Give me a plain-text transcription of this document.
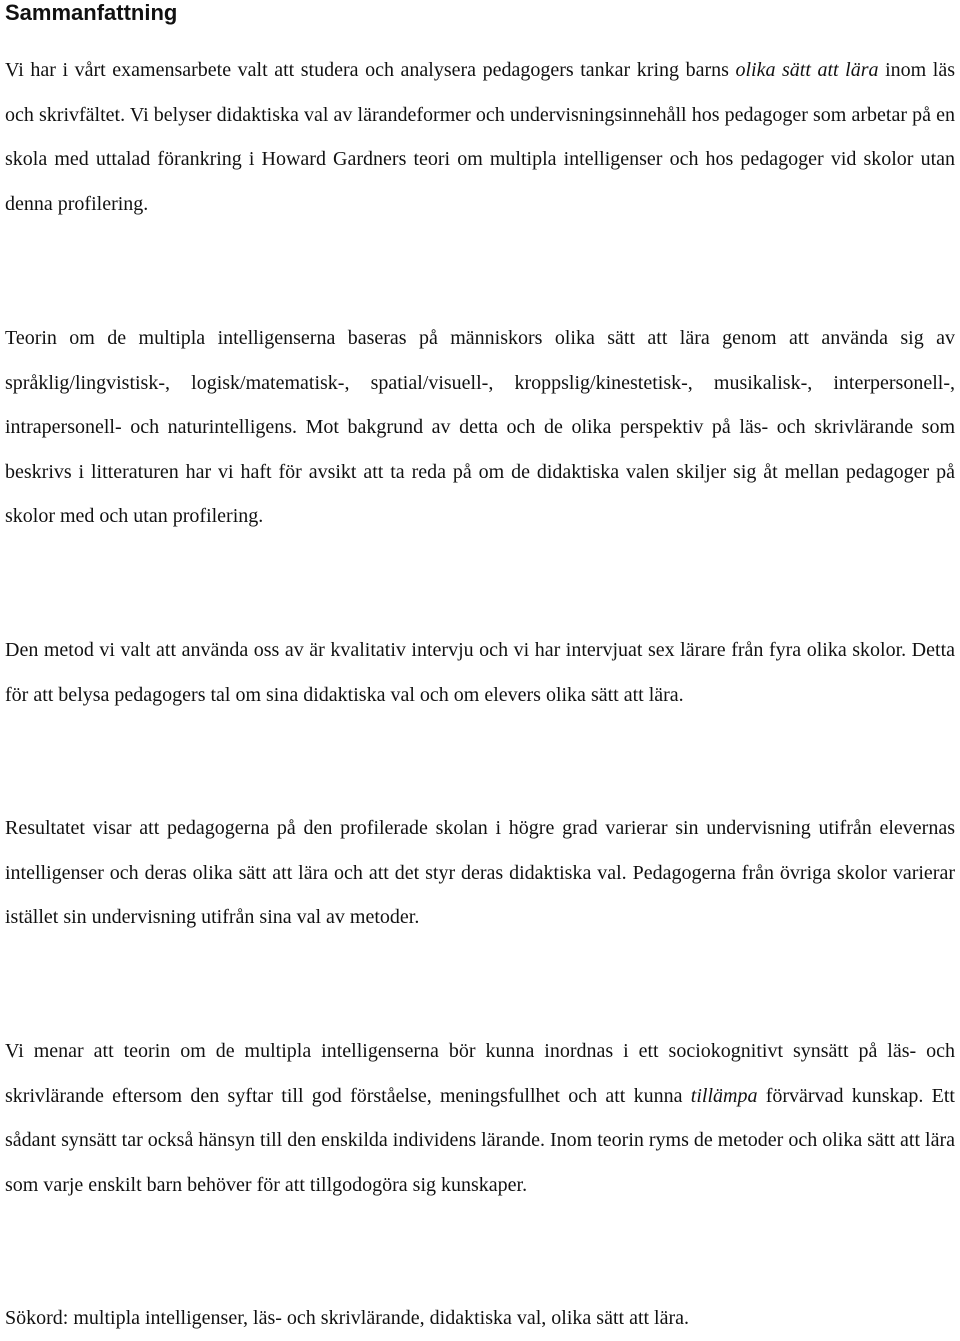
Sammanfattning

Vi har i vårt examensarbete valt att studera och analysera pedagogers tankar kring barns olika sätt att lära inom läs och skrivfältet. Vi belyser didaktiska val av lärandeformer och undervisningsinnehåll hos pedagoger som arbetar på en skola med uttalad förankring i Howard Gardners teori om multipla intelligenser och hos pedagoger vid skolor utan denna profilering.

Teorin om de multipla intelligenserna baseras på människors olika sätt att lära genom att använda sig av språklig/lingvistisk-, logisk/matematisk-, spatial/visuell-, kroppslig/kinestetisk-, musikalisk-, interpersonell-, intrapersonell- och naturintelligens. Mot bakgrund av detta och de olika perspektiv på läs- och skrivlärande som beskrivs i litteraturen har vi haft för avsikt att ta reda på om de didaktiska valen skiljer sig åt mellan pedagoger på skolor med och utan profilering.

Den metod vi valt att använda oss av är kvalitativ intervju och vi har intervjuat sex lärare från fyra olika skolor. Detta för att belysa pedagogers tal om sina didaktiska val och om elevers olika sätt att lära.

Resultatet visar att pedagogerna på den profilerade skolan i högre grad varierar sin undervisning utifrån elevernas intelligenser och deras olika sätt att lära och att det styr deras didaktiska val. Pedagogerna från övriga skolor varierar istället sin undervisning utifrån sina val av metoder.

Vi menar att teorin om de multipla intelligenserna bör kunna inordnas i ett sociokognitivt synsätt på läs- och skrivlärande eftersom den syftar till god förståelse, meningsfullhet och att kunna tillämpa förvärvad kunskap. Ett sådant synsätt tar också hänsyn till den enskilda individens lärande. Inom teorin ryms de metoder och olika sätt att lära som varje enskilt barn behöver för att tillgodogöra sig kunskaper.

Sökord: multipla intelligenser, läs- och skrivlärande, didaktiska val, olika sätt att lära.
